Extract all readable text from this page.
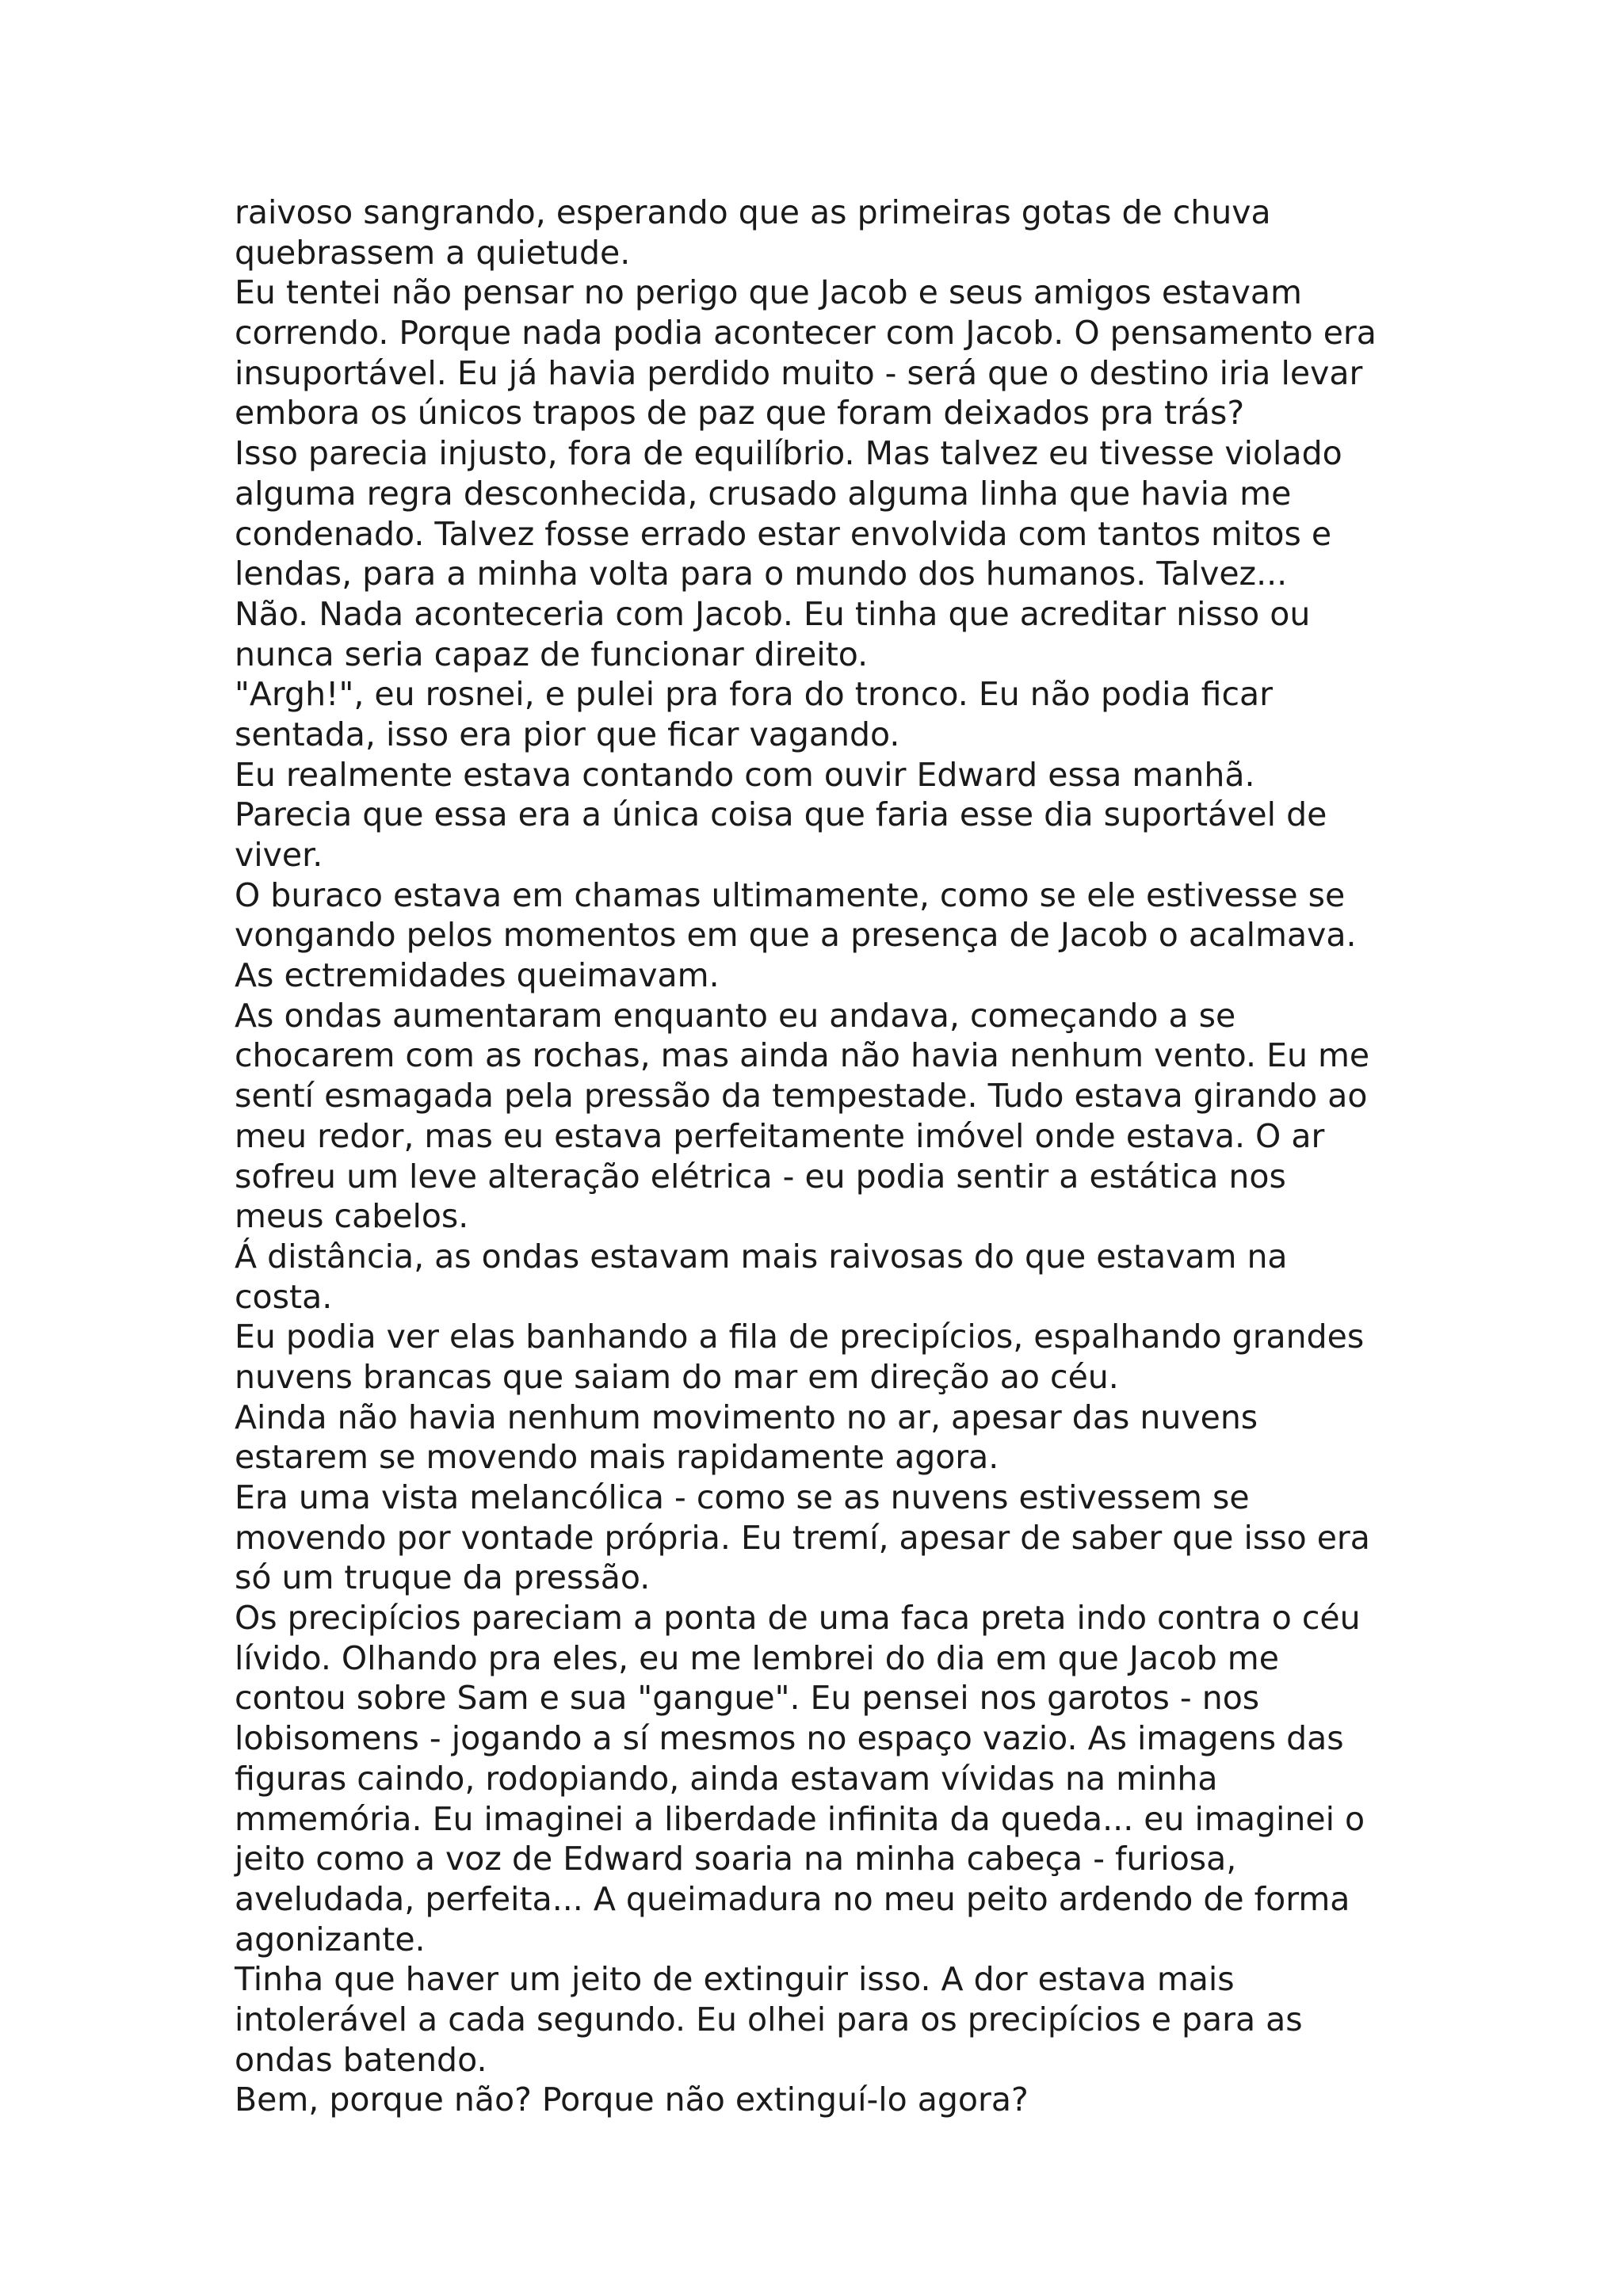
raivoso sangrando, esperando que as primeiras gotas de chuva
quebrassem a quietude.
Eu tentei não pensar no perigo que Jacob e seus amigos estavam
correndo. Porque nada podia acontecer com Jacob. O pensamento era
insuportável. Eu já havia perdido muito - será que o destino iria levar
embora os únicos trapos de paz que foram deixados pra trás?
Isso parecia injusto, fora de equilíbrio. Mas talvez eu tivesse violado
alguma regra desconhecida, crusado alguma linha que havia me
condenado. Talvez fosse errado estar envolvida com tantos mitos e
lendas, para a minha volta para o mundo dos humanos. Talvez...
Não. Nada aconteceria com Jacob. Eu tinha que acreditar nisso ou
nunca seria capaz de funcionar direito.
"Argh!", eu rosnei, e pulei pra fora do tronco. Eu não podia ficar
sentada, isso era pior que ficar vagando.
Eu realmente estava contando com ouvir Edward essa manhã.
Parecia que essa era a única coisa que faria esse dia suportável de
viver.
O buraco estava em chamas ultimamente, como se ele estivesse se
vongando pelos momentos em que a presença de Jacob o acalmava.
As ectremidades queimavam.
As ondas aumentaram enquanto eu andava, começando a se
chocarem com as rochas, mas ainda não havia nenhum vento. Eu me
sentí esmagada pela pressão da tempestade. Tudo estava girando ao
meu redor, mas eu estava perfeitamente imóvel onde estava. O ar
sofreu um leve alteração elétrica - eu podia sentir a estática nos
meus cabelos.
Á distância, as ondas estavam mais raivosas do que estavam na
costa.
Eu podia ver elas banhando a fila de precipícios, espalhando grandes
nuvens brancas que saiam do mar em direção ao céu.
Ainda não havia nenhum movimento no ar, apesar das nuvens
estarem se movendo mais rapidamente agora.
Era uma vista melancólica - como se as nuvens estivessem se
movendo por vontade própria. Eu tremí, apesar de saber que isso era
só um truque da pressão.
Os precipícios pareciam a ponta de uma faca preta indo contra o céu
lívido. Olhando pra eles, eu me lembrei do dia em que Jacob me
contou sobre Sam e sua "gangue". Eu pensei nos garotos - nos
lobisomens - jogando a sí mesmos no espaço vazio. As imagens das
figuras caindo, rodopiando, ainda estavam vívidas na minha
mmemória. Eu imaginei a liberdade infinita da queda... eu imaginei o
jeito como a voz de Edward soaria na minha cabeça - furiosa,
aveludada, perfeita... A queimadura no meu peito ardendo de forma
agonizante.
Tinha que haver um jeito de extinguir isso. A dor estava mais
intolerável a cada segundo. Eu olhei para os precipícios e para as
ondas batendo.
Bem, porque não? Porque não extinguí-lo agora?
